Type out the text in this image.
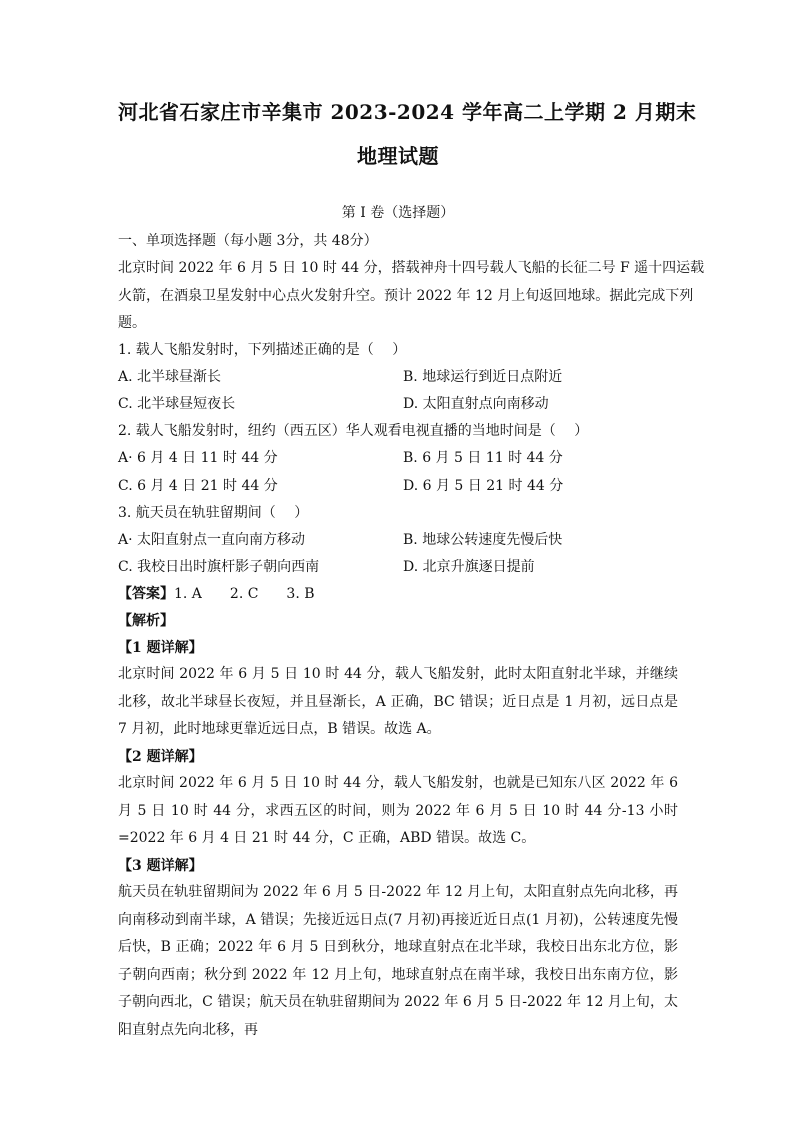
河北省石家庄市辛集市 2023-2024 学年高二上学期 2 月期末
地理试题
第 I 卷（选择题）
一、单项选择题（每小题 3分，共 48分）
北京时间 2022 年 6 月 5 日 10 时 44 分，搭载神舟十四号载人飞船的长征二号 F 遥十四运载
火箭，在酒泉卫星发射中心点火发射升空。预计 2022 年 12 月上旬返回地球。据此完成下列
题。
1. 载人飞船发射时，下列描述正确的是（　 ）
A. 北半球昼渐长	B. 地球运行到近日点附近
C. 北半球昼短夜长	D. 太阳直射点向南移动
2. 载人飞船发射时，纽约（西五区）华人观看电视直播的当地时间是（　 ）
A· 6 月 4 日 11 时 44 分	B. 6 月 5 日 11 时 44 分
C. 6 月 4 日 21 时 44 分	D. 6 月 5 日 21 时 44 分
3. 航天员在轨驻留期间（　 ）
A· 太阳直射点一直向南方移动	B. 地球公转速度先慢后快
C. 我校日出时旗杆影子朝向西南	D. 北京升旗逐日提前
【答案】1. A　　2. C　　3. B
【解析】
【1 题详解】
北京时间 2022 年 6 月 5 日 10 时 44 分，载人飞船发射，此时太阳直射北半球，并继续北移，故北半球昼长夜短，并且昼渐长，A 正确，BC 错误；近日点是 1 月初，远日点是 7 月初，此时地球更靠近远日点，B 错误。故选 A。
【2 题详解】
北京时间 2022 年 6 月 5 日 10 时 44 分，载人飞船发射，也就是已知东八区 2022 年 6 月 5 日 10 时 44 分，求西五区的时间，则为 2022 年 6 月 5 日 10 时 44 分-13 小时=2022 年 6 月 4 日 21 时 44 分，C 正确，ABD 错误。故选 C。
【3 题详解】
航天员在轨驻留期间为 2022 年 6 月 5 日-2022 年 12 月上旬，太阳直射点先向北移，再向南移动到南半球，A 错误；先接近远日点(7 月初)再接近近日点(1 月初)，公转速度先慢后快，B 正确；2022 年 6 月 5 日到秋分，地球直射点在北半球，我校日出东北方位，影子朝向西南；秋分到 2022 年 12 月上旬，地球直射点在南半球，我校日出东南方位，影子朝向西北，C 错误；航天员在轨驻留期间为 2022 年 6 月 5 日-2022 年 12 月上旬，太阳直射点先向北移，再
